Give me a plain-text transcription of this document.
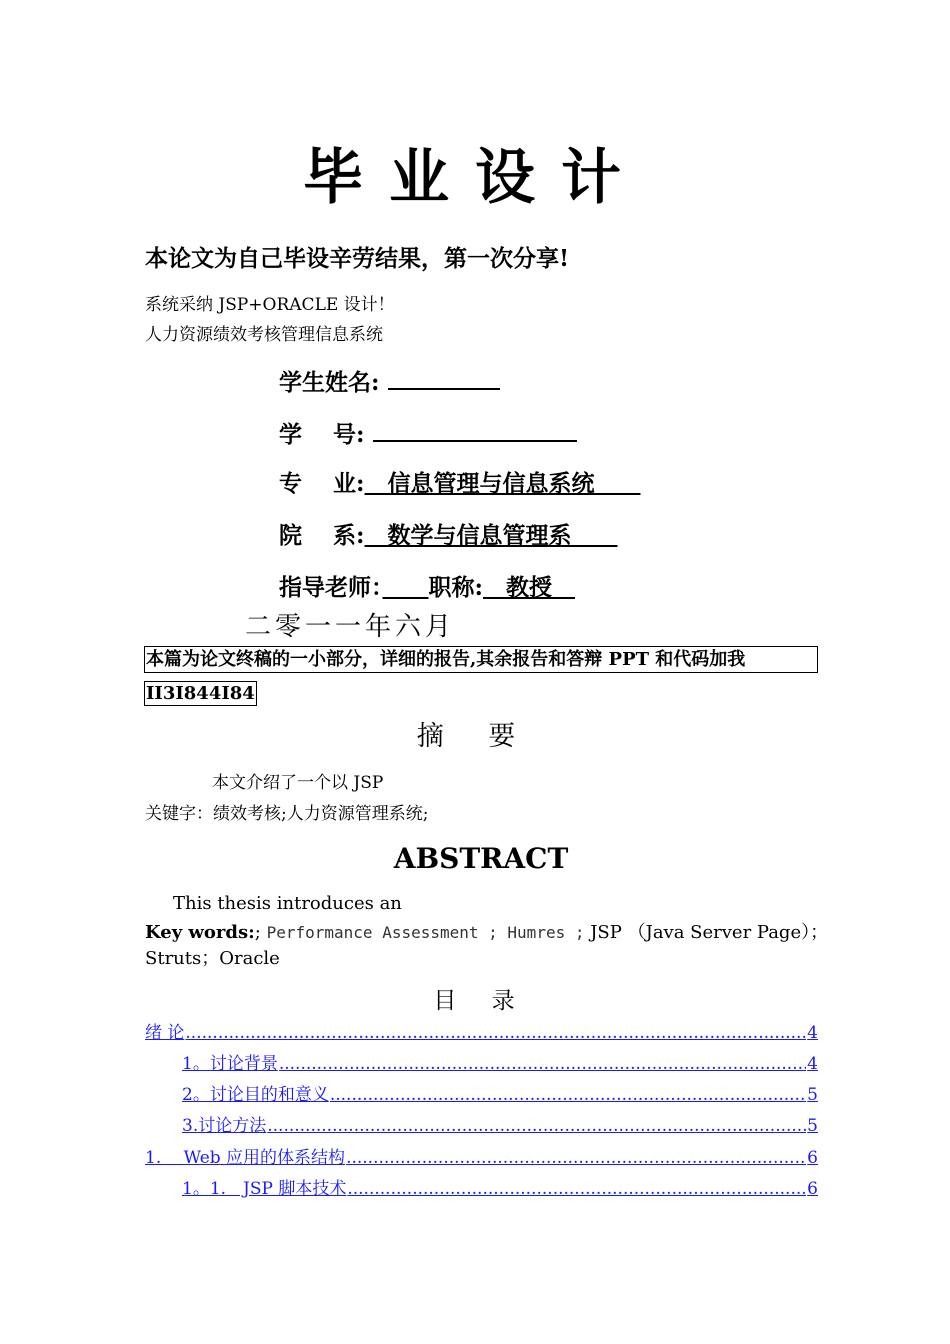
毕业设计
本论文为自己毕设辛劳结果，第一次分享!
系统采纳 JSP+ORACLE 设计！
人力资源绩效考核管理信息系统
学生姓名:
学　 号:
专　 业:　信息管理与信息系统　　
院　 系:　数学与信息管理系　　
指导老师：　　 职称:　教授　
二零一一年六月
本篇为论文终稿的一小部分，详细的报告,其余报告和答辩 PPT 和代码加我
II3I844I84
摘 要
本文介绍了一个以 JSP
关键字：绩效考核;人力资源管理系统;
ABSTRACT
This thesis introduces an
Key words:; Performance Assessment ; Humres ; JSP （Java Server Page）；
Struts；Oracle
目 录
绪 论 .....	4
1。讨论背景 .....	4
2。讨论目的和意义 .....	5
3.讨论方法 .....	5
1.　 Web 应用的体系结构 .....	6
1。1.　JSP 脚本技术 .....	6
